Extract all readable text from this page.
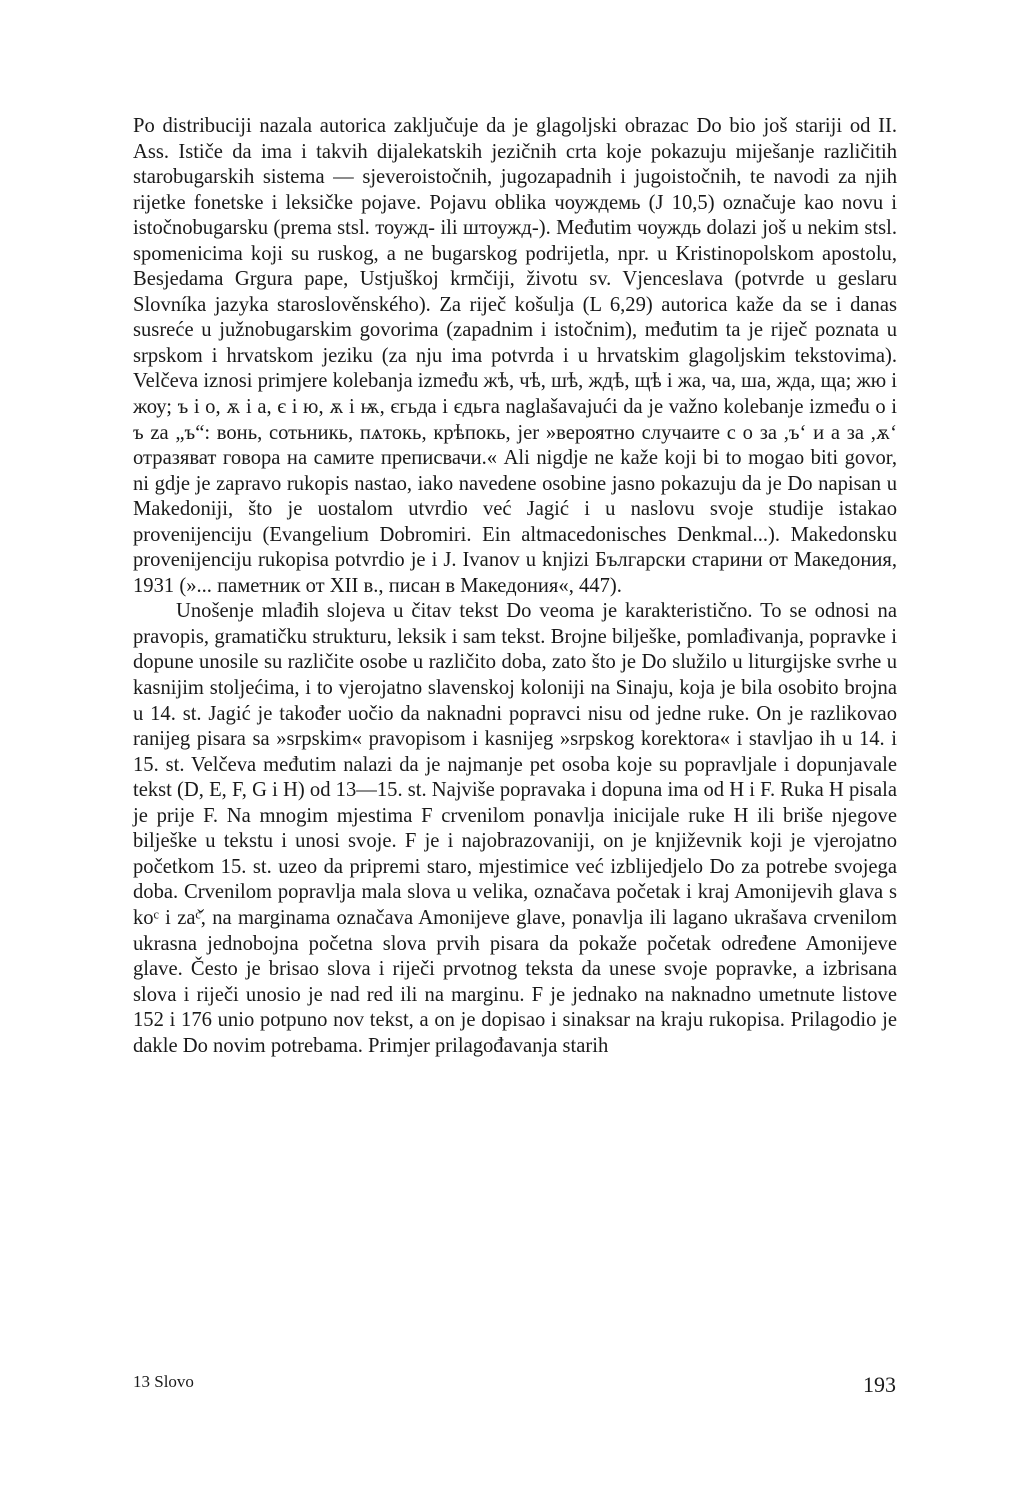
Po distribuciji nazala autorica zaključuje da je glagoljski obrazac Do bio još stariji od II. Ass. Ističe da ima i takvih dijalekatskih jezičnih crta koje pokazuju miješanje različitih starobugarskih sistema — sjeveroistočnih, jugozapadnih i jugoistočnih, te navodi za njih rijetke fonetske i leksičke pojave. Pojavu oblika чоуждемь (J 10,5) označuje kao novu i istočnobugarsku (prema stsl. тоужд- ili штоужд-). Međutim чоуждь dolazi još u nekim stsl. spomenicima koji su ruskog, a ne bugarskog podrijetla, npr. u Kristinopolskom apostolu, Besjedama Grgura pape, Ustjuškoj krmčiji, životu sv. Vjenceslava (potvrde u geslaru Slovníka jazyka staroslověnského). Za riječ košulja (L 6,29) autorica kaže da se i danas susreće u južnobugarskim govorima (zapadnim i istočnim), međutim ta je riječ poznata u srpskom i hrvatskom jeziku (za nju ima potvrda i u hrvatskim glagoljskim tekstovima). Velčeva iznosi primjere kolebanja između жѣ, чѣ, шѣ, ждѣ, щѣ i жа, ча, ша, жда, ща; жю i жоу; ъ i о, ѫ i а, є i ю, ѫ i ѭ, єгьда i єдьга naglašavajući da je važno kolebanje između о i ъ za „ъ“: вонь, сотьникь, пѧтокь, крѣпокь, jer »вероятно случаите с о за ,ъ‘ и а за ,ѫ‘ отразяват говора на самите преписвачи.« Ali nigdje ne kaže koji bi to mogao biti govor, ni gdje je zapravo rukopis nastao, iako navedene osobine jasno pokazuju da je Do napisan u Makedoniji, što je uostalom utvrdio već Jagić i u naslovu svoje studije istakao provenijenciju (Evangelium Dobromiri. Ein altmacedonisches Denkmal...). Makedonsku provenijenciju rukopisa potvrdio je i J. Ivanov u knjizi Български старини от Македония, 1931 (»... паметник от XII в., писан в Македония«, 447).

Unošenje mlađih slojeva u čitav tekst Do veoma je karakteristično. To se odnosi na pravopis, gramatičku strukturu, leksik i sam tekst. Brojne bilješke, pomlađivanja, popravke i dopune unosile su različite osobe u različito doba, zato što je Do služilo u liturgijske svrhe u kasnijim stoljećima, i to vjerojatno slavenskoj koloniji na Sinaju, koja je bila osobito brojna u 14. st. Jagić je također uočio da naknadni popravci nisu od jedne ruke. On je razlikovao ranijeg pisara sa »srpskim« pravopisom i kasnijeg »srpskog korektora« i stavljao ih u 14. i 15. st. Velčeva međutim nalazi da je najmanje pet osoba koje su popravljale i dopunjavale tekst (D, E, F, G i H) od 13—15. st. Najviše popravaka i dopuna ima od H i F. Ruka H pisala je prije F. Na mnogim mjestima F crvenilom ponavlja inicijale ruke H ili briše njegove bilješke u tekstu i unosi svoje. F je i najobrazovaniji, on je književnik koji je vjerojatno početkom 15. st. uzeo da pripremi staro, mjestimice već izblijedjelo Do za potrebe svojega doba. Crvenilom popravlja mala slova u velika, označava početak i kraj Amonijevih glava s koᶜ i zaᶜ̌, na marginama označava Amonijeve glave, ponavlja ili lagano ukrašava crvenilom ukrasna jednobojna početna slova prvih pisara da pokaže početak određene Amonijeve glave. Često je brisao slova i riječi prvotnog teksta da unese svoje popravke, a izbrisana slova i riječi unosio je nad red ili na marginu. F je jednako na naknadno umetnute listove 152 i 176 unio potpuno nov tekst, a on je dopisao i sinaksar na kraju rukopisa. Prilagodio je dakle Do novim potrebama. Primjer prilagođavanja starih

13 Slovo	193
